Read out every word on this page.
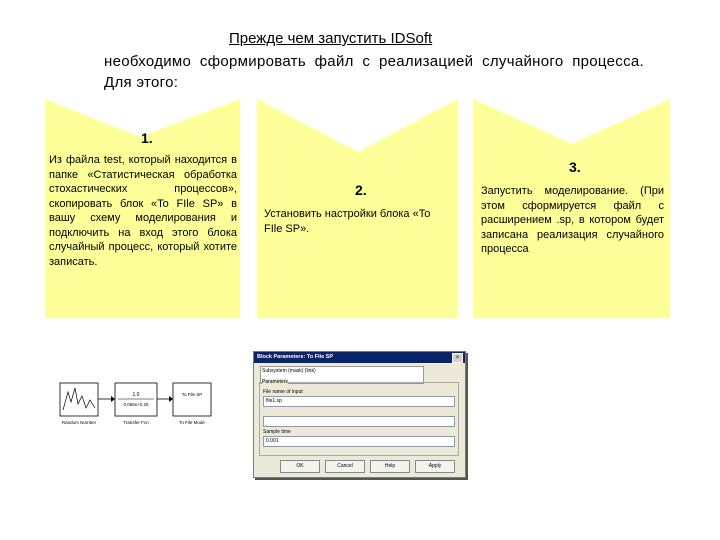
Прежде чем запустить IDSoft
необходимо сформировать файл с реализацией случайного процесса. Для этого:
1.
Из файла test, который находится в папке «Статистическая обработка стохастических процессов», скопировать блок «To FIle SP» в вашу схему моделирования и подключить на вход этого блока случайный процесс, который хотите записать.
2.
Установить настройки блока «To FIle SP».
3.
Запустить моделирование. (При этом сформируется файл с расширением .sp, в котором будет записана реализация случайного процесса
1.0
0.066s+0.25
Transfer Fcn
To File SP
To File Mode
Random Number
Block Parameters: To File SP	×
Subsystem (mask) (link)
Parameters
File name of input
file1.sp
Sample time
0.001
OK	Cancel	Help	Apply
